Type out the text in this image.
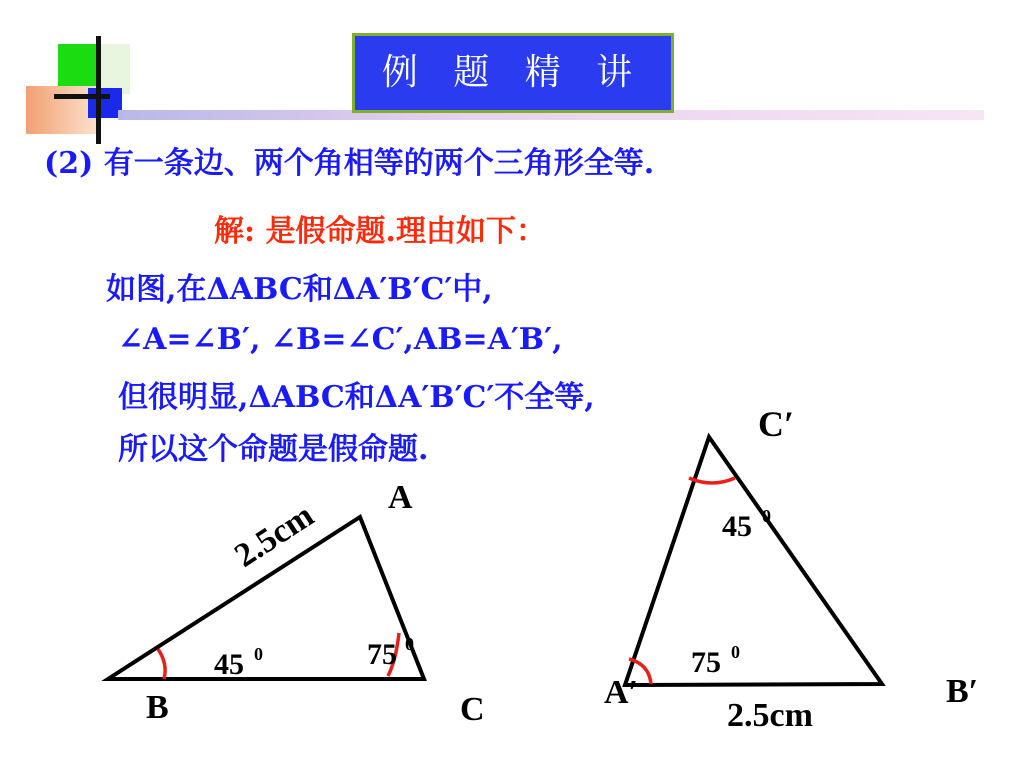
例 题 精 讲
(2) 有一条边、两个角相等的两个三角形全等.
解: 是假命题.理由如下：
如图,在ΔABC和ΔA′B′C′中,
∠A=∠B′, ∠B=∠C′,AB=A′B′,
但很明显,ΔABC和ΔA′B′C′不全等,
所以这个命题是假命题.
A
B	C
2.5cm
45 0	75 0
C′
B′
A′
2.5cm
45 0
75 0
